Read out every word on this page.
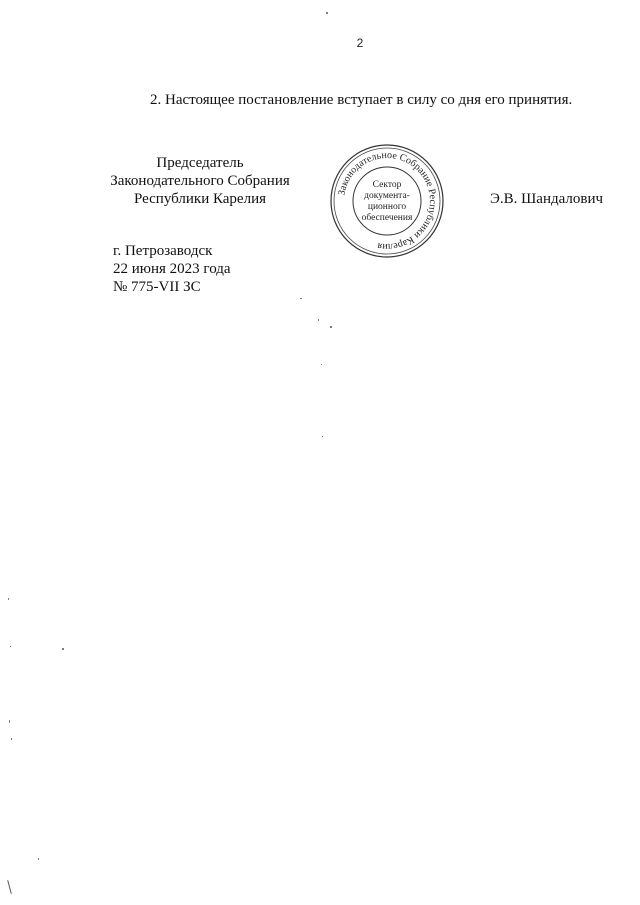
2
2. Настоящее постановление вступает в силу со дня его принятия.
Председатель
Законодательного Собрания
Республики Карелия	Законодательное Собрание Республики Карелия
Сектор
документа-
ционного
обеспечения
Э.В. Шандалович
г. Петрозаводск
22 июня 2023 года
№ 775-VII ЗС
